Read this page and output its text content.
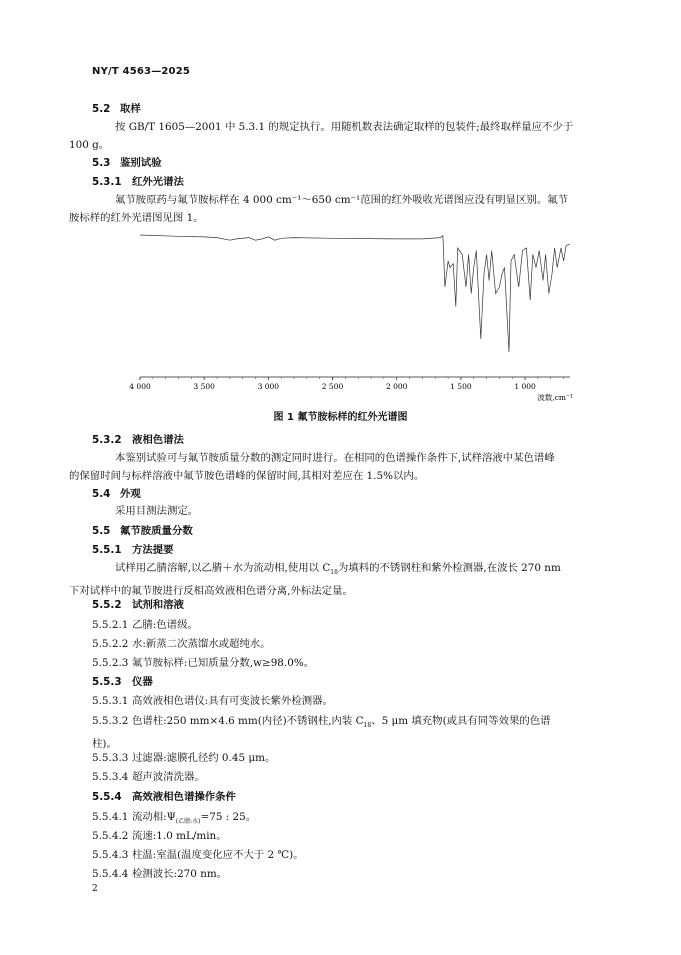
NY/T 4563—2025
5.2 取样
按 GB/T 1605—2001 中 5.3.1 的规定执行。用随机数表法确定取样的包装件;最终取样量应不少于
100 g。
5.3 鉴别试验
5.3.1 红外光谱法
氟节胺原药与氟节胺标样在 4 000 cm⁻¹～650 cm⁻¹范围的红外吸收光谱图应没有明显区别。氟节
胺标样的红外光谱图见图 1。
4 000	3 500	3 000	2 500	2 000	1 500	1 000
波数,cm⁻¹
图 1 氟节胺标样的红外光谱图
5.3.2 液相色谱法
本鉴别试验可与氟节胺质量分数的测定同时进行。在相同的色谱操作条件下,试样溶液中某色谱峰
的保留时间与标样溶液中氟节胺色谱峰的保留时间,其相对差应在 1.5%以内。
5.4 外观
采用目测法测定。
5.5 氟节胺质量分数
5.5.1 方法提要
试样用乙腈溶解,以乙腈＋水为流动相,使用以 $C_{18}$为填料的不锈钢柱和紫外检测器,在波长 270 nm
下对试样中的氟节胺进行反相高效液相色谱分离,外标法定量。
5.5.2 试剂和溶液
5.5.2.1 乙腈:色谱级。
5.5.2.2 水:新蒸二次蒸馏水或超纯水。
5.5.2.3 氟节胺标样:已知质量分数,w≥98.0%。
5.5.3 仪器
5.5.3.1 高效液相色谱仪:具有可变波长紫外检测器。
5.5.3.2 色谱柱:250 mm×4.6 mm(内径)不锈钢柱,内装 $C_{18}$、5 μm 填充物(或具有同等效果的色谱
柱)。
5.5.3.3 过滤器:滤膜孔径约 0.45 μm。
5.5.3.4 超声波清洗器。
5.5.4 高效液相色谱操作条件
5.5.4.1 流动相$:\Psi_{(乙腈:水)}=75$ : 25。
5.5.4.2 流速:1.0 mL/min。
5.5.4.3 柱温:室温(温度变化应不大于 2 ℃)。
5.5.4.4 检测波长:270 nm。
2
